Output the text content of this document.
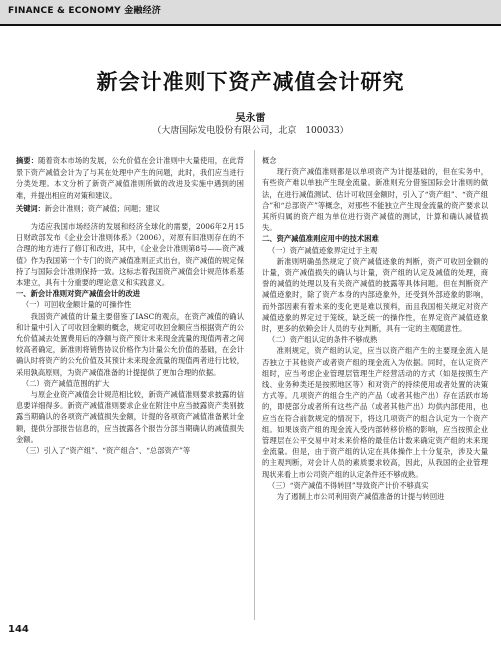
FINANCE & ECONOMY 金融经济
新会计准则下资产减值会计研究
吴永雷
（大唐国际发电股份有限公司，北京　100033）
摘要：随着资本市场的发展，公允价值在会计准则中大量使用，在此背景下资产减值会计为了与其在处理中产生的问题，此时，我们应当进行分类处理。本文分析了新资产减值准则所做的改进及实施中遇到的困难，并提出相应的对策和建议。
关键词：新会计准则；资产减值；问题；建议

为适应我国市场经济的发展和经济全球化的需要，2006年2月15日财政部发布《企业会计准则体系》（2006），对原有旧准则存在的不合理的地方进行了修订和改进，其中，《企业会计准则第8号——资产减值》作为我国第一个专门的资产减值准则正式出台，资产减值的规定保持了与国际会计准则保持一致。这标志着我国资产减值会计规范体系基本建立，具有十分重要的理论意义和实践意义。

一、新会计准则对资产减值会计的改进

（一）可回收金额计量的可操作性

我国资产减值的计量主要借鉴了IASC的观点，在资产减值的确认和计量中引入了可收回金额的概念，规定可收回金额应当根据资产的公允价值减去处置费用后的净额与资产预计未来现金流量的现值两者之间较高者确定，新准则将销售协议价格作为计量公允价值的基础，在会计确认时将资产的公允价值及其预计未来现金流量的现值两者进行比较，采用孰高原则，为资产减值准备的计提提供了更加合理的依据。

（二）资产减值范围的扩大

与原企业资产减值会计规范相比较，新资产减值准则要求披露的信息要详细得多。新资产减值准则要求企业在附注中应当披露资产类别披露当期确认的各项资产减值损失金额，计提的各项资产减值准备累计金额，提供分部报告信息的，应当披露各个报告分部当期确认的减值损失金额。

（三）引入了“资产组”、“资产组合”、“总部资产”等

概念

现行资产减值准则都是以单项资产为计提基础的，但在实务中，有些资产难以单独产生现金流量。新准则充分借鉴国际会计准则的做法，在进行减值测试、估计可收回金额时，引入了“资产组”、“资产组合”和“总部资产”等概念，对那些不能独立产生现金流量的资产要求以其所归属的资产组为单位进行资产减值的测试，计算和确认减值损失。

二、资产减值准则应用中的技术困难

（一）资产减值迹象界定过于主观

新准则明确虽然规定了资产减值迹象的判断，资产可收回金额的计量，资产减值损失的确认与计量，资产组的认定及减值的处理，商誉的减值的处理以及有关资产减值的披露等具体问题。但在判断资产减值迹象时，除了资产本身的内部迹象外，还受到外部迹象的影响，而外部因素有着未来的变化更是难以预料，而且我国相关规定对资产减值迹象的界定过于笼统，缺乏统一的操作性，在界定资产减值迹象时，更多的依赖会计人员的专业判断，具有一定的主观随意性。

（二）资产组认定的条件不够成熟

准则规定，资产组的认定，应当以资产组产生的主要现金流入是否独立于其他资产或者资产组的现金流入为依据。同时，在认定资产组时，应当考虑企业管理层管理生产经营活动的方式（如是按照生产线、业务种类还是按照地区等）和对资产的持续使用或者处置的决策方式等。几项资产的组合生产的产品（或者其他产出）存在活跃市场的，即使部分或者所有这些产品（或者其他产出）均供内部使用，也应当在符合前款规定的情况下，将这几项资产的组合认定为一个资产组。如果该资产组的现金流入受内部转移价格的影响，应当按照企业管理层在公平交易中对未来价格的最佳估计数来确定资产组的未来现金流量。但是，由于资产组的认定在具体操作上十分复杂，涉及大量的主观判断，对会计人员的素质要求较高，因此，从我国的企业管理现状来看上市公司资产组的认定条件还不够成熟。

（三）“资产减值不得转回”导致资产计价不够真实

为了遏制上市公司利用资产减值准备的计提与转回进

144
